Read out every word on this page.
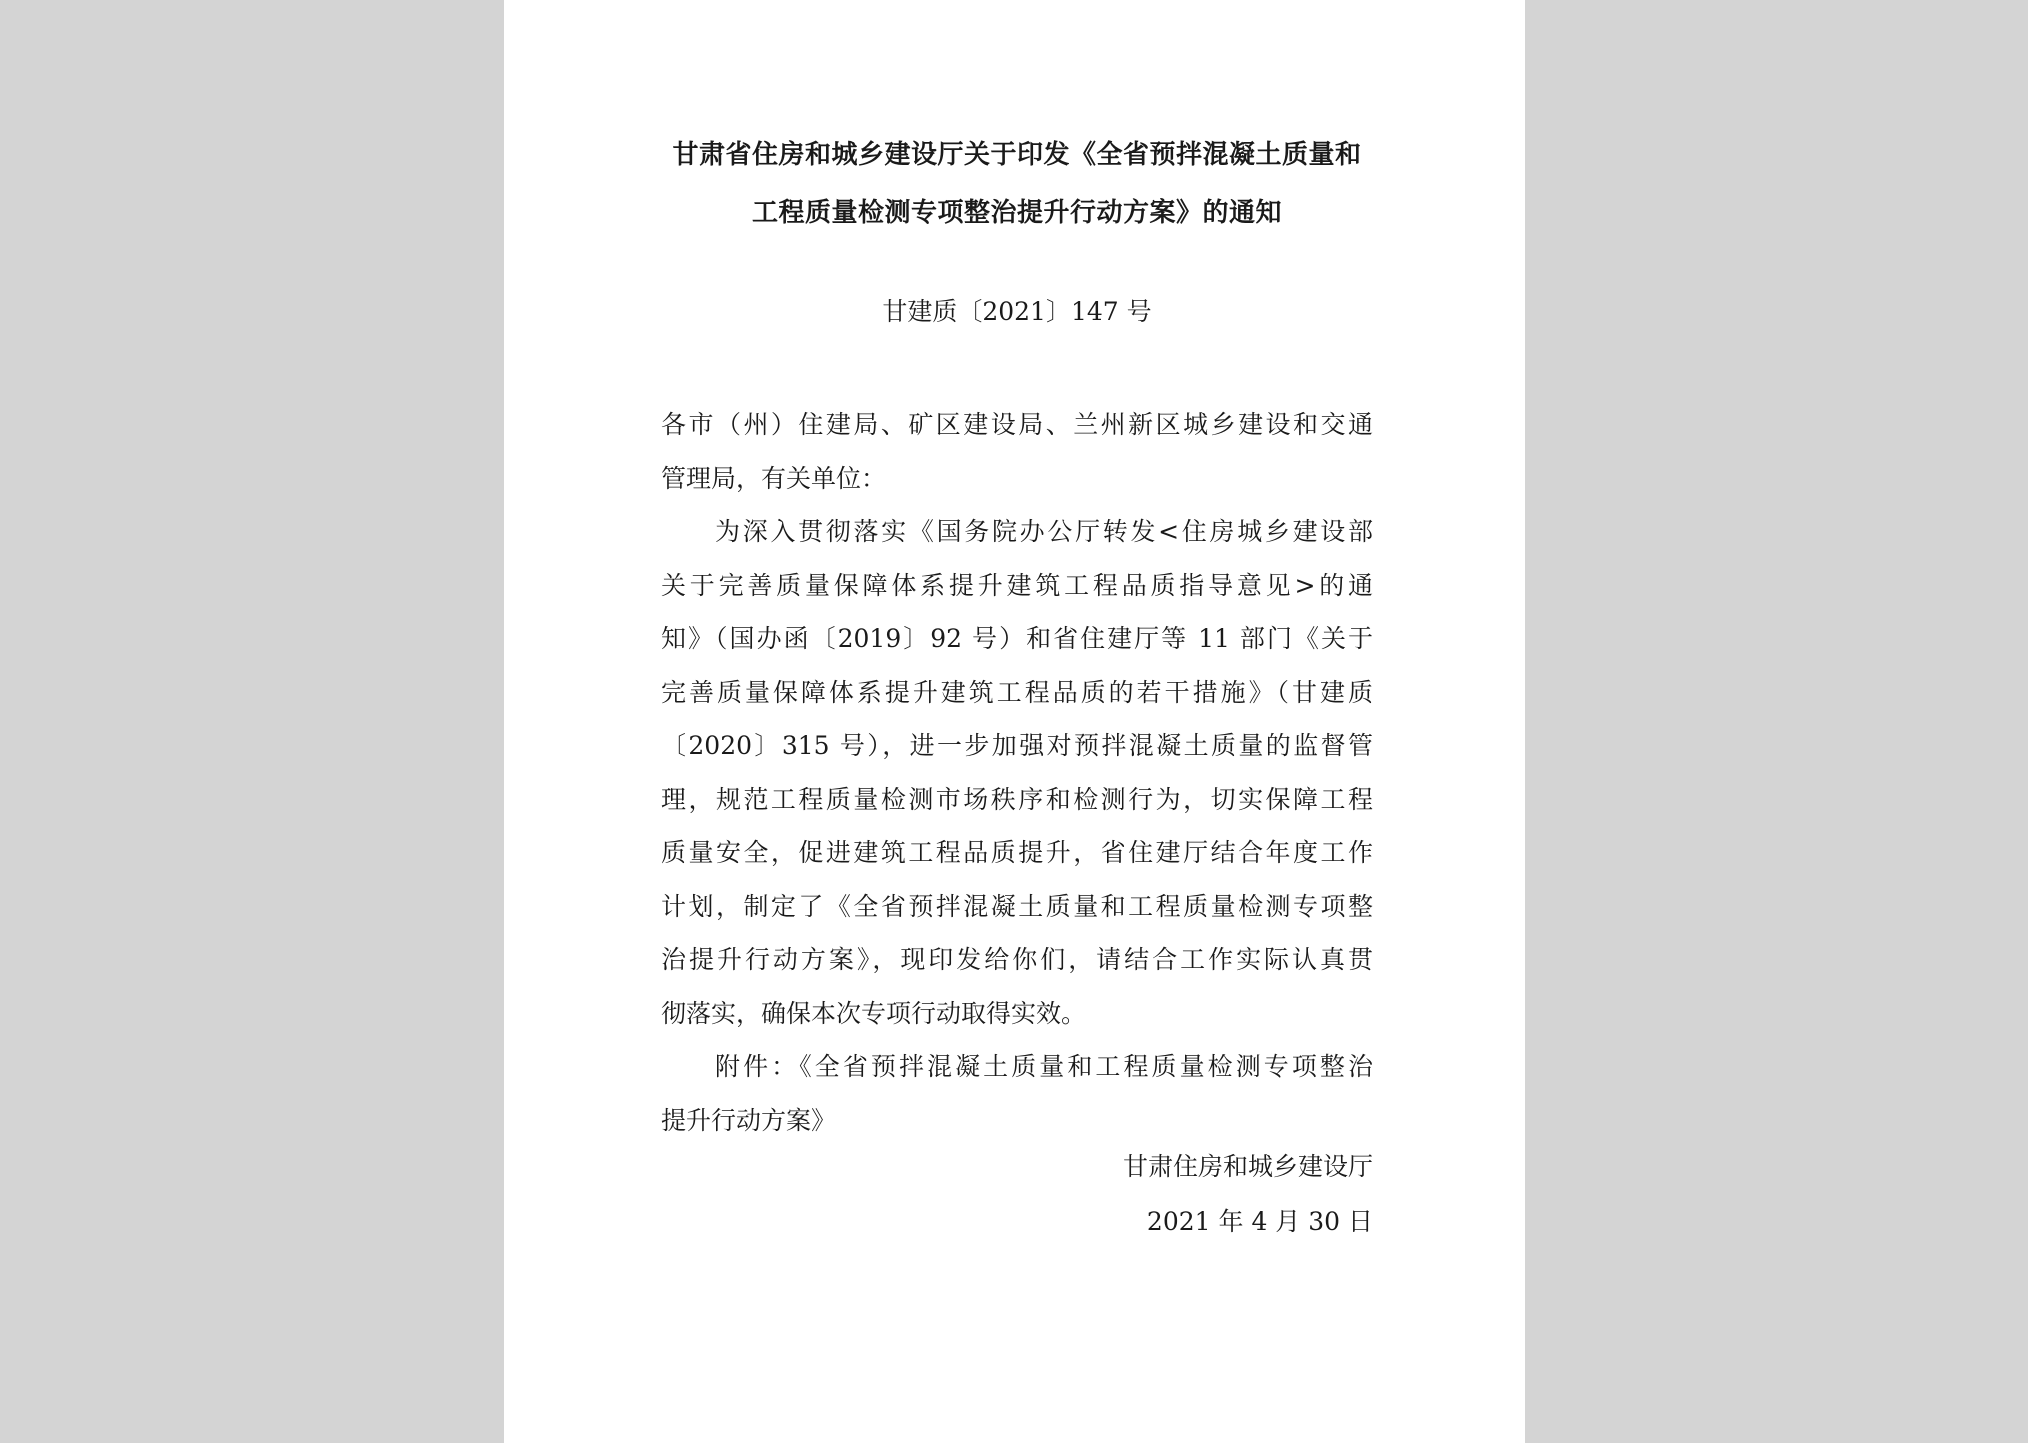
甘肃省住房和城乡建设厅关于印发《全省预拌混凝土质量和
工程质量检测专项整治提升行动方案》的通知
甘建质〔2021〕147 号
各市（州）住建局、矿区建设局、兰州新区城乡建设和交通
管理局，有关单位：
为深入贯彻落实《国务院办公厅转发<住房城乡建设部
关于完善质量保障体系提升建筑工程品质指导意见>的通
知》（国办函〔2019〕92 号）和省住建厅等 11 部门《关于
完善质量保障体系提升建筑工程品质的若干措施》（甘建质
〔2020〕315 号），进一步加强对预拌混凝土质量的监督管
理，规范工程质量检测市场秩序和检测行为，切实保障工程
质量安全，促进建筑工程品质提升，省住建厅结合年度工作
计划，制定了《全省预拌混凝土质量和工程质量检测专项整
治提升行动方案》，现印发给你们，请结合工作实际认真贯
彻落实，确保本次专项行动取得实效。
附件：《全省预拌混凝土质量和工程质量检测专项整治
提升行动方案》
甘肃住房和城乡建设厅
2021 年 4 月 30 日
